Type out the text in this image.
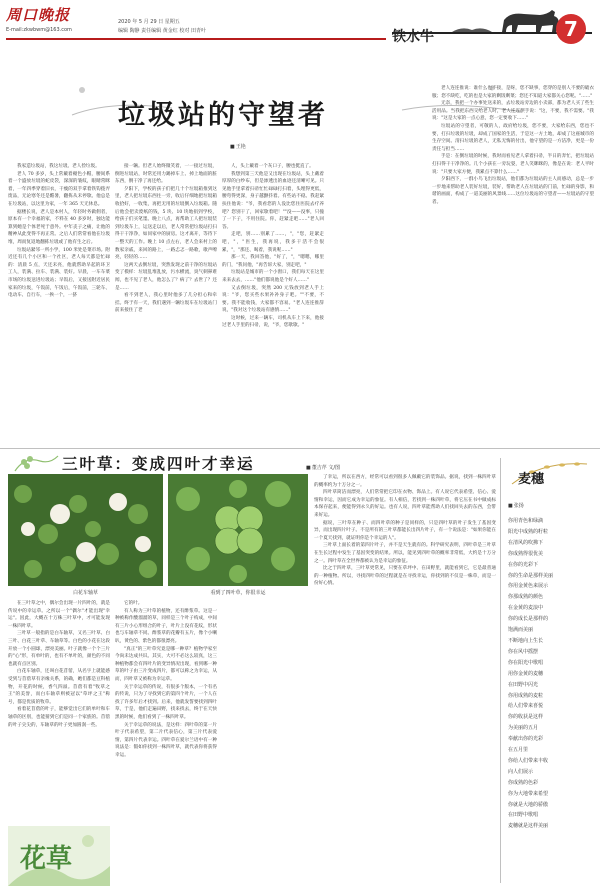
周口晚报
E-mail:zkwbwm@163.com
2020 年 5 月 29 日 星期五
编辑 陶静 责任编辑 黄金红 校对 田青叶	铁水牛	7
垃圾站的守望者
■ 王艳

我家造垃圾站，我这垃圾、老人捡垃圾。

老人 70 多岁，头上常戴着褪色小帽，腰间系着一个盛放垃圾的蛇皮袋，深深的皱纹，眼睛常眯着，一年四季穿着旧衣，干瘦的双手拿着铁钩拨弄废品，无论寒冬还是酷暑，翻拣从未停歇。他总是在垃圾站，以这里为家，一年 365 天无休息。

据楼长说，老人是本村人，年轻时务做佣者，原本有一个幸福的家，不料在 40 多岁时，独达能算到她是个体老死于意外。中年丧子之痛，让他的精神从此变得不再正常。之后人们常常看他在垃圾堆，周而复返地翻拣垃圾或了他有生之后。

垃圾站紧邻一所小学，100 米处是菜市场。附近还有几个小区和一个社区，老人每天都是忙碌的：清晨 5 点，天还未亮，他就帮助早起的环卫工人，装满、拉车、装满、装好。早晨，一车车菜市场的垃圾送进垃圾站；早饭后，又接送附近居民家来的垃圾，午饭前，午饭后，午饭前，三轮车、电动车、自行车，一挨一个，一挤

接一辆。但老人始终微笑着，一一接过垃圾，倒进垃圾站，时常还用力踢掉车上、掉上地面的脏东西，倒干净了再还给。

夕阳下，学校的孩子们把几十个垃圾箱推到这里，老人把垃圾东西往一旁，收后仔细地把垃圾箱收拾好，一收集，再把无用的垃圾倒入垃圾箱。随后他会把卖废纸的钱，5 块、10 块地捐到学校，给孩子们买笔墨。晚上八点，再帮助工人把垃圾装到垃圾车上，运送走以后，老人常常把垃圾站打扫得干干净净，如同家中的厨房。这才离开，等待下一整天的工作。晚上 10 点左右，老人会来村上的数家亲戚，来回的路上，一路忐忑一路歌，歌声嘹亮，轻轻的……

这两天去倒垃圾，突然发现之前干净的垃圾站变了模样：垃圾乱堆乱放，污水横流，臭气刺鼻难闻，也不见了老人，他怎么了？病了？去世了？还是……

看不到老人，我心里时他多了几分担心和牵挂。终于有一天，我们遇到一辆垃圾车在垃圾站门前来接住了老

人，头上戴着一个灰口子，腰也挺直了。

我想到第三天他是又出现在垃圾站，头上戴着厚厚的白纱布，但是渗透出的血迹还清晰可见。只见他手里拿着扫帚忙忙碌碌打扫着，头埋得更低，腰弯得更深，身子越颤抖着。有些站不稳。我赶紧扶住他说："爷，我看您的人没比您住医院去疗养吧？您别干了，回家歇着吧！""没——没事，只撞了一下子，不用住院。你，赶紧走吧……"老人回答。

走吧，别……别累了……，"，"您，赶紧走吧，"，"医生，我再说，我多干活不会很累，"，"那还、喝着，我说呢……"

那一天，我回答他，"好了，"，"嗯嗯，哪里的门，"我问他，"再告诉大家，别走吧，"

垃圾站是城市的一个小窗口，我们每天在这里来来去去，……"他们都说他是个好人……"

又去倒垃圾，突然 200 元钱放到老人手上说："爷，您买些水果补补身子吧。""不要，不要。我不能收钱，大家都不容易。"老人连连推辞说，"我对这个垃圾站有感情……"

这时候，过来一辆车，司机从车上下来，他接过老人手里的扫帚，说，"爷，您歇歇。"

老人连连推说：谁什么也不接，是呀，您不缺事，您穿的是别人不要的破衣服；您不缺吃，吃的也是大家的剩饭剩菜；您还不知道大家都关心您呢。"……"

无奈，我把一个办事处送来的，去垃圾站旁边的小卖部，都为老人买了些生活用品。当我把东西交给老人时，老人连连摆手说："这，不要，我不需要。"我说："这是大家的一点心意，您一定要收下……"

垃圾站的守望者，可敬的人，政府给垃圾，您不要，大家给东西，您也不要，打扫垃圾的垃圾，却成了国家的生活，于是这一方土地，却成了这座城市的生存空间。清扫垃圾的老人，无私无悔的付出，他守望的是一方洁净，更是一份责任与担当……

手是：在倒垃圾的时候，我时而看见老人拿着扫帚，半日的奔忙，把垃圾站打扫得干干净净的。几个小孩在一旁玩耍，老人笑眯眯的，像是在说：老人平时说："只要大家方便，我累点不算什么……"

夕阳西下，一群小鸟飞出垃圾站，他们都为垃圾站的主人而感动，总是一步一步地来帮助老人装好垃圾，装好，帮助老人在垃圾站的门前，忙碌的身影，和谐的画面，构成了一道美丽的风景线……这位垃圾站的守望者——垃圾站的守望者。

三叶草：变成四叶才幸运
■	董吉芹 文/图
白花车轴草	看到了四叶草，你很幸运

在三叶草之中，偶尔会出现一片四叶的，就是传说中的幸运草。之所以一个"偶尔"才能出现"幸运"。因此，大概在十万株三叶草中，才可能发现一株四叶草。

三叶草一般指的是白车轴草，又名三叶草、白三叶、白花三叶草、车轴草等。白色的小花在这段开放一个小圆球，漂亮美丽。叶子就像一个个三片的"心"形，有单叶的，也有不单叶的，颜色的不同也就有点区别。

白花车轴草，还叫白花苜蓿，从名字上就能感受到与苜蓿草有亲缘关系，的确，她们都是豆科植物，开花的时候，香气四溢。苜蓿有着"牧草之王"的美誉，而白车轴草则被冠以"草坪之王"称号，都是优质的牧草。

看着花苜蓿的叶子，能够觉出它们的单叶和车轴草的区别，也能猜到它们是同一个家族的。苜蓿的叶子尖尖的，车轴草的叶子更加圆润一些。

它的叶。

有人称为三叶草的植物，还有酢浆草。这是一种被称作酸溜溜的草，同样是三个叶子构成，中间有三片小心形组合的叶子，叶片上没有花纹，形状也与车轴草不同。酢浆草的花瓣有五片，像个小喇叭，黄色的、紫色的都很漂亮。

"真正"的三叶草究竟是哪一种草？植物学家至今尚未达成共识。其实，大可不必这么较真，这三种植物都会有四叶片的变异情况出现，看到哪一种草的叶子由三片变成四片，都可以称之为幸运，从而，四叶草又被称为幸运草。

关于幸运草的传说，有很多个版本，一个有名的传说，只为了寻找到它的第四个叶片，一个人在找了许多年后才找到。后来，他就发誓要找到四叶草，于是，他们走遍田野，找来找去，终于在天快黑的时候，他们看到了一株四叶草。

关于幸运草的说法，是这样：四叶草的第一片叶子代表希望，第二片代表信心，第三片代表爱情，第四片代表幸运。四叶草在爱尔兰语中有一种说法是：假如你找到一株四叶草，就代表你将获得幸运。

了幸运，所以在西方，经常可以看到很多人佩戴它的装饰品。据说，找到一株四叶草的概率约为十万分之一。

四叶草简洁而漂亮，人们常常把它印在衣物、饰品上。有人说它代表希望、信心、爱情和幸运，因而它成为幸运的象征。有人相信，若找到一株四叶草，将它压在书中做成标本保存起来，便能得到永久的好运。也有人说，四叶草能帮助人们找回失去的东西，会带来好运。

据说，三叶草在种子、而四叶草的种子是同样的，只是四叶草的叶子发生了基因变异，而出现四片叶子。不是所有的三叶草都能长出四片叶子，有一个说法是："如果你能在一个夏天找到，就证明你是个幸运的人"。

三叶草上面长着的第四片叶子，并不是天生就有的。科学研究表明，四叶草是三叶草在生长过程中发生了基因突变的结果。所以，能见到四叶草的概率非常低，大约是十万分之一。四叶草在全世界都被认为是幸运的象征。

比之于四叶草，三叶草更常见，只要在草坪中、在田野里，就能看到它，它是最普通的一种植物。所以，寻找四叶草的过程就是在寻找幸运，你找到的不仅是一株草，而是一份好心情。

花草
麦穗
■ 张扬
你用青色和绿滴
阳光中成熟的籽粒
在清风的吹拂下
你成熟得很优美
在你的光彩下
你的生命是那样美丽
你用金黄色来展示
你那成熟的颜色
在金黄的麦浪中
你的成长是那样的
饱满而美丽
不断地向上生长
你在风中摇摆
你在阳光中歌唱
用你金黄的麦穗
在田野中闪光
你用成熟的麦粒
给人们带来喜悦
你的收获是这样
为美丽的五月
奉献出你的光彩
在五月里
你给人们带来丰收
向人们展示
你成熟的色彩
你为大地带来希望
你就是大地的骄傲
在田野中歌唱
麦穗就是这样美丽
